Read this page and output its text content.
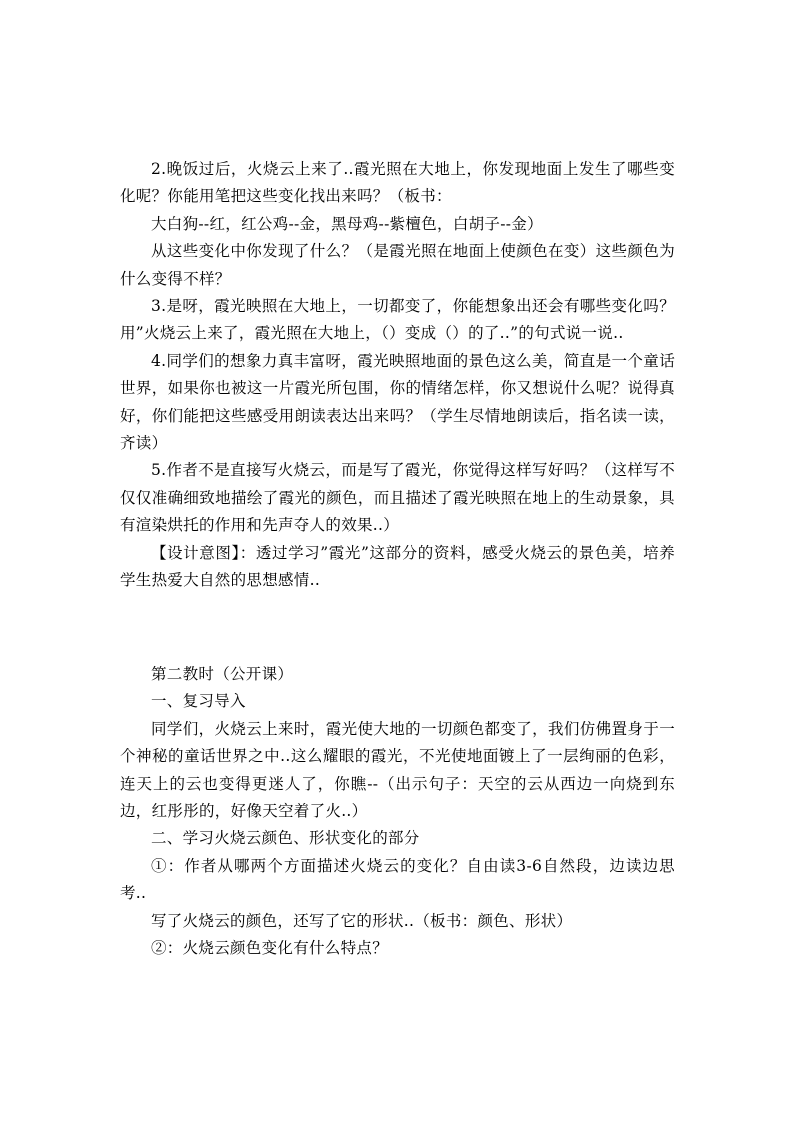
2.晚饭过后，火烧云上来了..霞光照在大地上，你发现地面上发生了哪些变化呢？你能用笔把这些变化找出来吗？（板书：

大白狗--红，红公鸡--金，黑母鸡--紫檀色，白胡子--金）

从这些变化中你发现了什么？（是霞光照在地面上使颜色在变）这些颜色为什么变得不样？

3.是呀，霞光映照在大地上，一切都变了，你能想象出还会有哪些变化吗？用”火烧云上来了，霞光照在大地上，（）变成（）的了..”的句式说一说..

4.同学们的想象力真丰富呀，霞光映照地面的景色这么美，简直是一个童话世界，如果你也被这一片霞光所包围，你的情绪怎样，你又想说什么呢？说得真好，你们能把这些感受用朗读表达出来吗？（学生尽情地朗读后，指名读一读，齐读）

5.作者不是直接写火烧云，而是写了霞光，你觉得这样写好吗？（这样写不仅仅准确细致地描绘了霞光的颜色，而且描述了霞光映照在地上的生动景象，具有渲染烘托的作用和先声夺人的效果..）

【设计意图】：透过学习”霞光”这部分的资料，感受火烧云的景色美，培养学生热爱大自然的思想感情..

第二教时（公开课）

一、复习导入

同学们，火烧云上来时，霞光使大地的一切颜色都变了，我们仿佛置身于一个神秘的童话世界之中..这么耀眼的霞光，不光使地面镀上了一层绚丽的色彩，连天上的云也变得更迷人了，你瞧--（出示句子：天空的云从西边一向烧到东边，红彤彤的，好像天空着了火..）

二、学习火烧云颜色、形状变化的部分

①：作者从哪两个方面描述火烧云的变化？自由读3-6自然段，边读边思考..

写了火烧云的颜色，还写了它的形状..（板书：颜色、形状）

②：火烧云颜色变化有什么特点？
